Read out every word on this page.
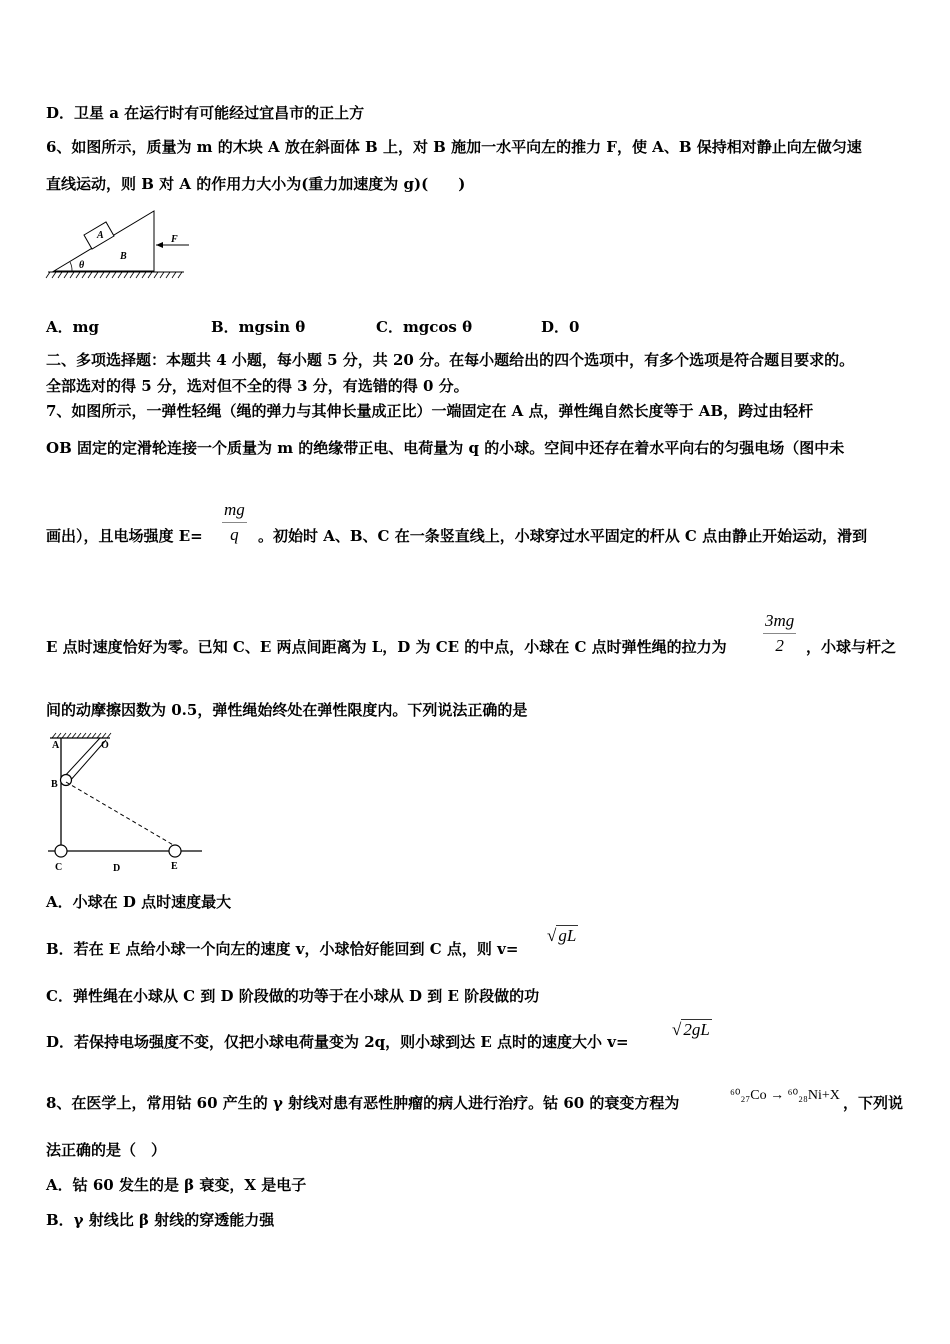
D．卫星 a 在运行时有可能经过宜昌市的正上方
6、如图所示，质量为 m 的木块 A 放在斜面体 B 上，对 B 施加一水平向左的推力 F，使 A、B 保持相对静止向左做匀速
直线运动，则 B 对 A 的作用力大小为(重力加速度为 g)(　　)
A
B
θ
F
A．mg	B．mgsin θ	C．mgcos θ	D．0
二、多项选择题：本题共 4 小题，每小题 5 分，共 20 分。在每小题给出的四个选项中，有多个选项是符合题目要求的。
全部选对的得 5 分，选对但不全的得 3 分，有选错的得 0 分。
7、如图所示，一弹性轻绳（绳的弹力与其伸长量成正比）一端固定在 A 点，弹性绳自然长度等于 AB，跨过由轻杆
OB 固定的定滑轮连接一个质量为 m 的绝缘带正电、电荷量为 q 的小球。空间中还存在着水平向右的匀强电场（图中未
画出），且电场强度 E=
mg
q	。初始时 A、B、C 在一条竖直线上，小球穿过水平固定的杆从 C 点由静止开始运动，滑到
E 点时速度恰好为零。已知 C、E 两点间距离为 L，D 为 CE 的中点，小球在 C 点时弹性绳的拉力为
3mg
2	，小球与杆之
间的动摩擦因数为 0.5，弹性绳始终处在弹性限度内。下列说法正确的是
A	O
B
C	D	E
A．小球在 D 点时速度最大
B．若在 E 点给小球一个向左的速度 v，小球恰好能回到 C 点，则 v=
√ gL
C．弹性绳在小球从 C 到 D 阶段做的功等于在小球从 D 到 E 阶段做的功
D．若保持电场强度不变，仅把小球电荷量变为 2q，则小球到达 E 点时的速度大小 v=
√ 2gL
8、在医学上，常用钴 60 产生的 γ 射线对患有恶性肿瘤的病人进行治疗。钴 60 的衰变方程为	⁶⁰₂₇Co → ⁶⁰₂₈Ni+X ，下列说
法正确的是（　）
A．钴 60 发生的是 β 衰变，X 是电子
B．γ 射线比 β 射线的穿透能力强
